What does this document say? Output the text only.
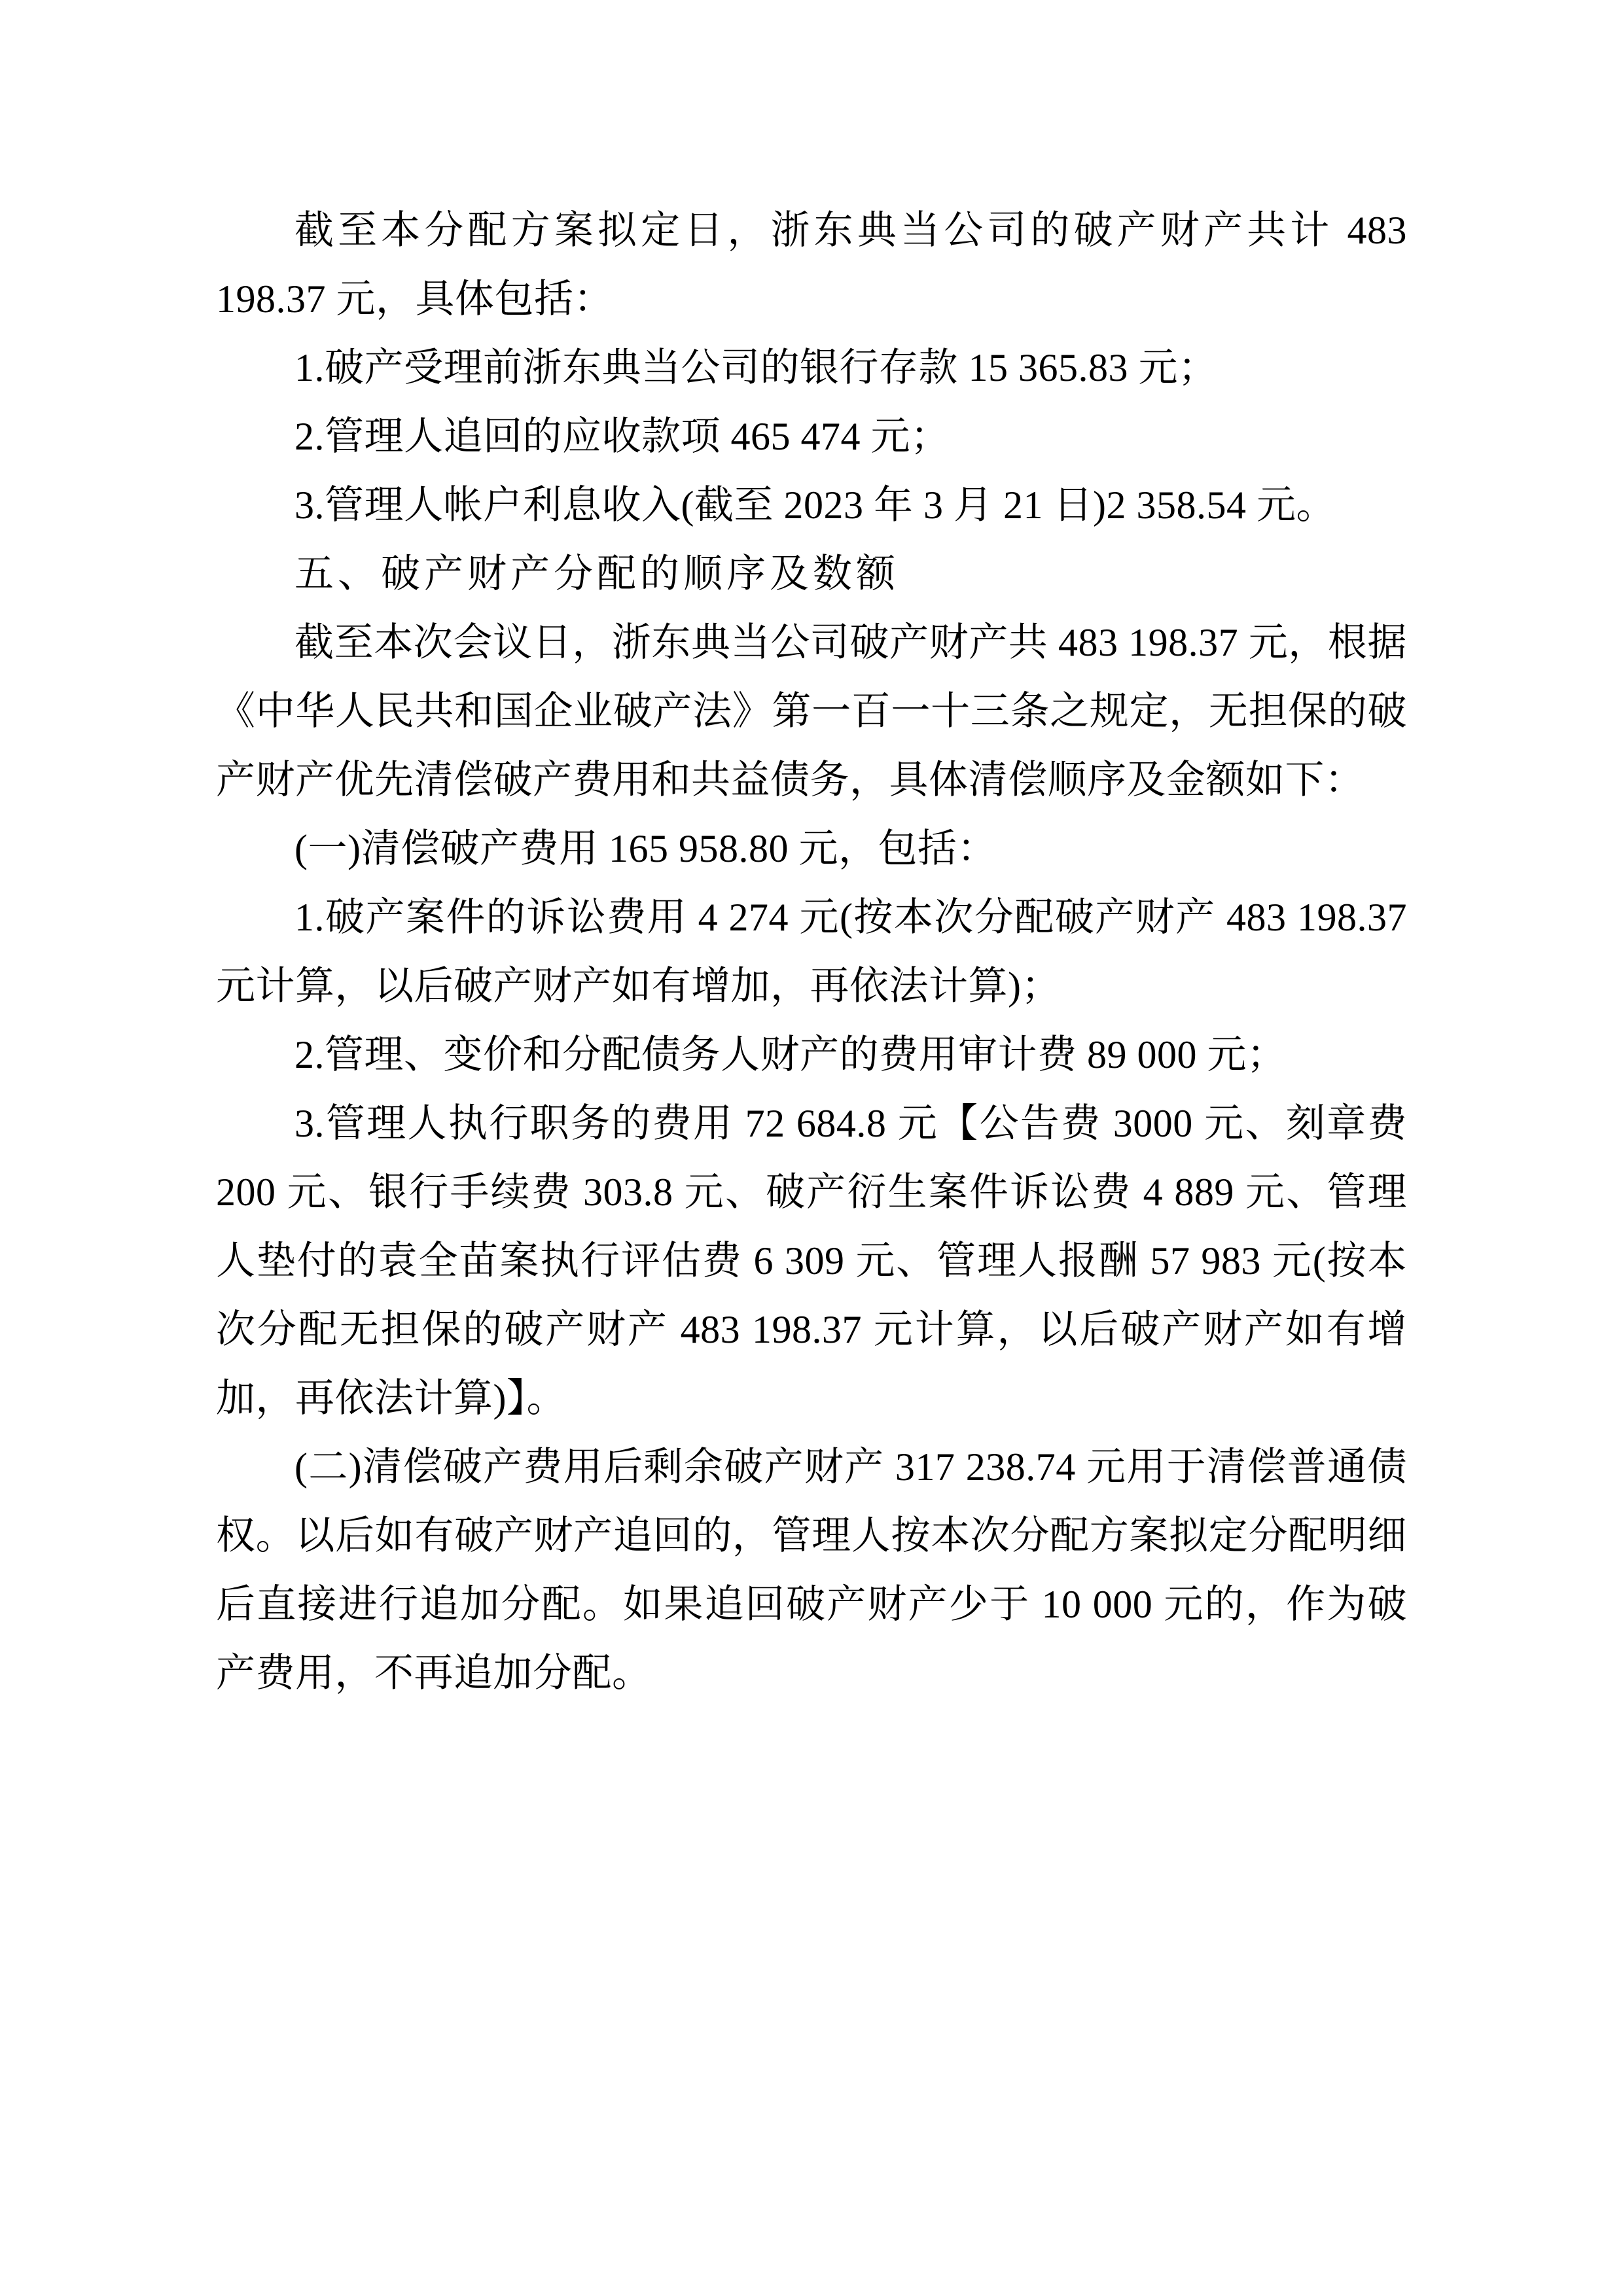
截至本分配方案拟定日，浙东典当公司的破产财产共计 483 198.37 元，具体包括：

1.破产受理前浙东典当公司的银行存款 15 365.83 元；

2.管理人追回的应收款项 465 474 元；

3.管理人帐户利息收入(截至 2023 年 3 月 21 日)2 358.54 元。

五、破产财产分配的顺序及数额

截至本次会议日，浙东典当公司破产财产共 483 198.37 元，根据《中华人民共和国企业破产法》第一百一十三条之规定，无担保的破产财产优先清偿破产费用和共益债务，具体清偿顺序及金额如下：

(一)清偿破产费用 165 958.80 元，包括：

1.破产案件的诉讼费用 4 274 元(按本次分配破产财产 483 198.37 元计算，以后破产财产如有增加，再依法计算)；

2.管理、变价和分配债务人财产的费用审计费 89 000 元；

3.管理人执行职务的费用 72 684.8 元【公告费 3000 元、刻章费 200 元、银行手续费 303.8 元、破产衍生案件诉讼费 4 889 元、管理人垫付的袁全苗案执行评估费 6 309 元、管理人报酬 57 983 元(按本次分配无担保的破产财产 483 198.37 元计算，以后破产财产如有增加，再依法计算)】。

(二)清偿破产费用后剩余破产财产 317 238.74 元用于清偿普通债权。以后如有破产财产追回的，管理人按本次分配方案拟定分配明细后直接进行追加分配。如果追回破产财产少于 10 000 元的，作为破产费用，不再追加分配。
